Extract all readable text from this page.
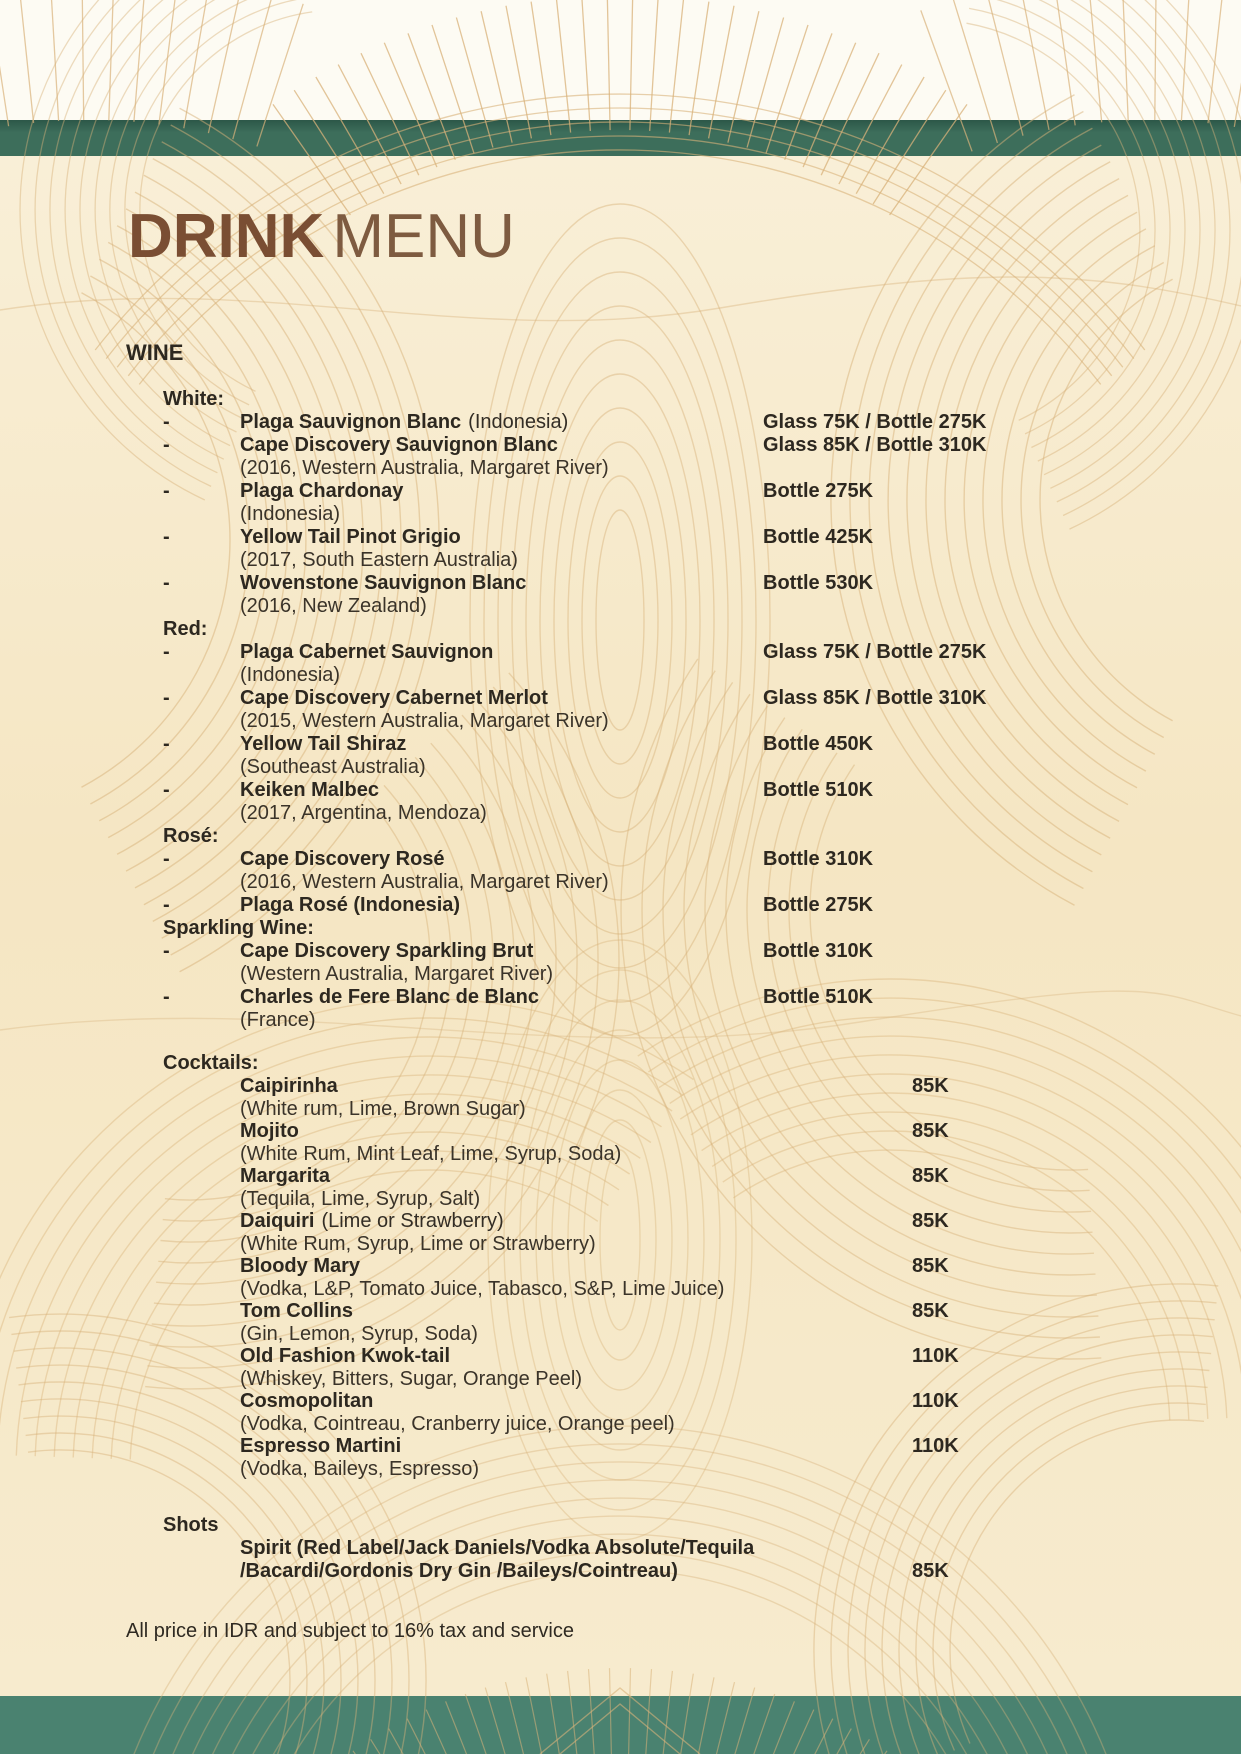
DRINK MENU
WINE
White:
-	Plaga Sauvignon Blanc (Indonesia)	Glass 75K / Bottle 275K
-	Cape Discovery Sauvignon Blanc	Glass 85K / Bottle 310K
(2016, Western Australia, Margaret River)
-	Plaga Chardonay	Bottle 275K
(Indonesia)
-	Yellow Tail Pinot Grigio	Bottle 425K
(2017, South Eastern Australia)
-	Wovenstone Sauvignon Blanc	Bottle 530K
(2016, New Zealand)
Red:
-	Plaga Cabernet Sauvignon	Glass 75K / Bottle 275K
(Indonesia)
-	Cape Discovery Cabernet Merlot	Glass 85K / Bottle 310K
(2015, Western Australia, Margaret River)
-	Yellow Tail Shiraz	Bottle 450K
(Southeast Australia)
-	Keiken Malbec	Bottle 510K
(2017, Argentina, Mendoza)
Rosé:
-	Cape Discovery Rosé	Bottle 310K
(2016, Western Australia, Margaret River)
-	Plaga Rosé (Indonesia)	Bottle 275K
Sparkling Wine:
-	Cape Discovery Sparkling Brut	Bottle 310K
(Western Australia, Margaret River)
-	Charles de Fere Blanc de Blanc	Bottle 510K
(France)
Cocktails:
Caipirinha	85K
(White rum, Lime, Brown Sugar)
Mojito	85K
(White Rum, Mint Leaf, Lime, Syrup, Soda)
Margarita	85K
(Tequila, Lime, Syrup, Salt)
Daiquiri (Lime or Strawberry)	85K
(White Rum, Syrup, Lime or Strawberry)
Bloody Mary	85K
(Vodka, L&P, Tomato Juice, Tabasco, S&P, Lime Juice)
Tom Collins	85K
(Gin, Lemon, Syrup, Soda)
Old Fashion Kwok-tail	110K
(Whiskey, Bitters, Sugar, Orange Peel)
Cosmopolitan	110K
(Vodka, Cointreau, Cranberry juice, Orange peel)
Espresso Martini	110K
(Vodka, Baileys, Espresso)
Shots
Spirit (Red Label/Jack Daniels/Vodka Absolute/Tequila
/Bacardi/Gordonis Dry Gin /Baileys/Cointreau)	85K
All price in IDR and subject to 16% tax and service
